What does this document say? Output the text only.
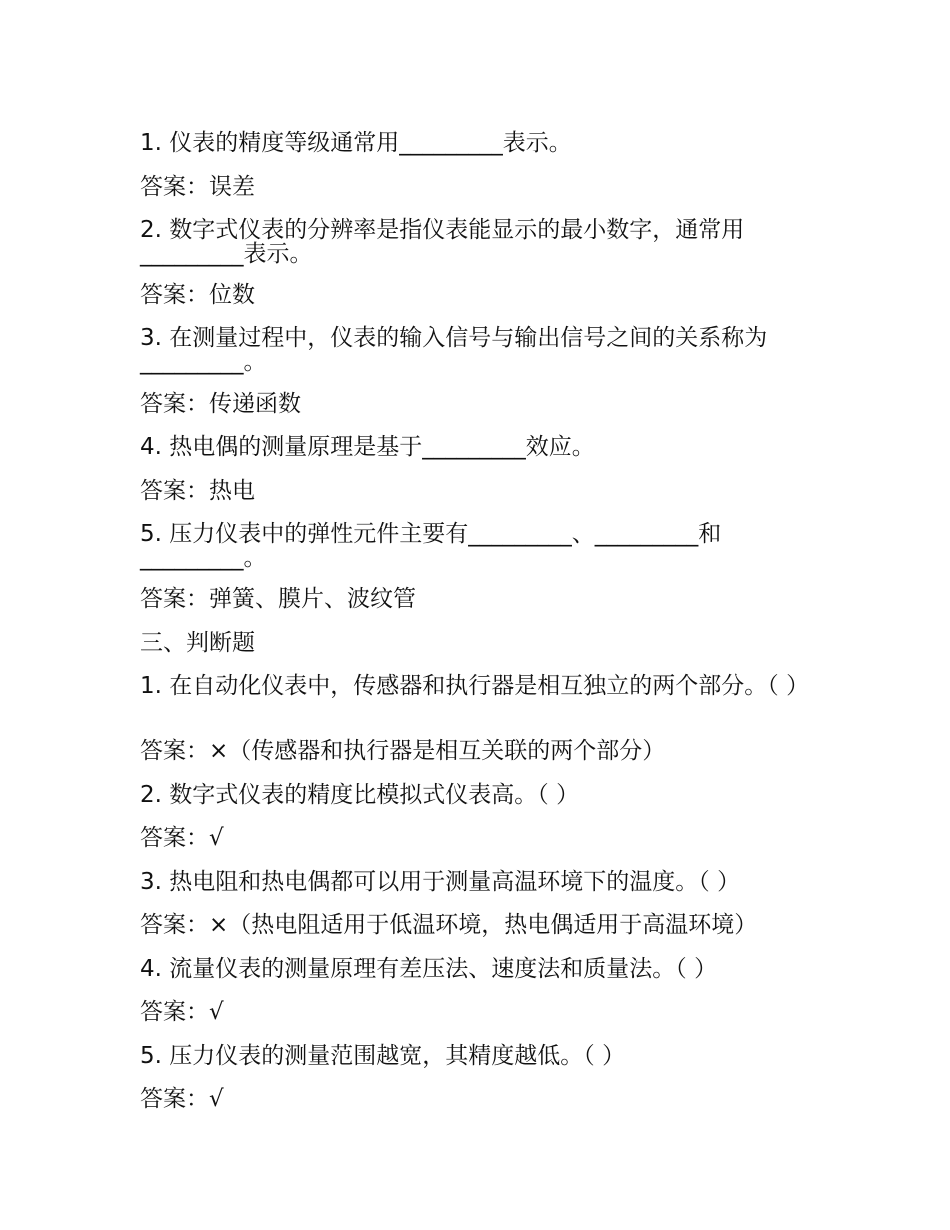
1. 仪表的精度等级通常用_________表示。
答案：误差
2. 数字式仪表的分辨率是指仪表能显示的最小数字，通常用_________表示。
答案：位数
3. 在测量过程中，仪表的输入信号与输出信号之间的关系称为_________。
答案：传递函数
4. 热电偶的测量原理是基于_________效应。
答案：热电
5. 压力仪表中的弹性元件主要有_________、_________和_________。
答案：弹簧、膜片、波纹管
三、判断题
1. 在自动化仪表中，传感器和执行器是相互独立的两个部分。（ ）
答案：×（传感器和执行器是相互关联的两个部分）
2. 数字式仪表的精度比模拟式仪表高。（ ）
答案：√
3. 热电阻和热电偶都可以用于测量高温环境下的温度。（ ）
答案：×（热电阻适用于低温环境，热电偶适用于高温环境）
4. 流量仪表的测量原理有差压法、速度法和质量法。（ ）
答案：√
5. 压力仪表的测量范围越宽，其精度越低。（ ）
答案：√
